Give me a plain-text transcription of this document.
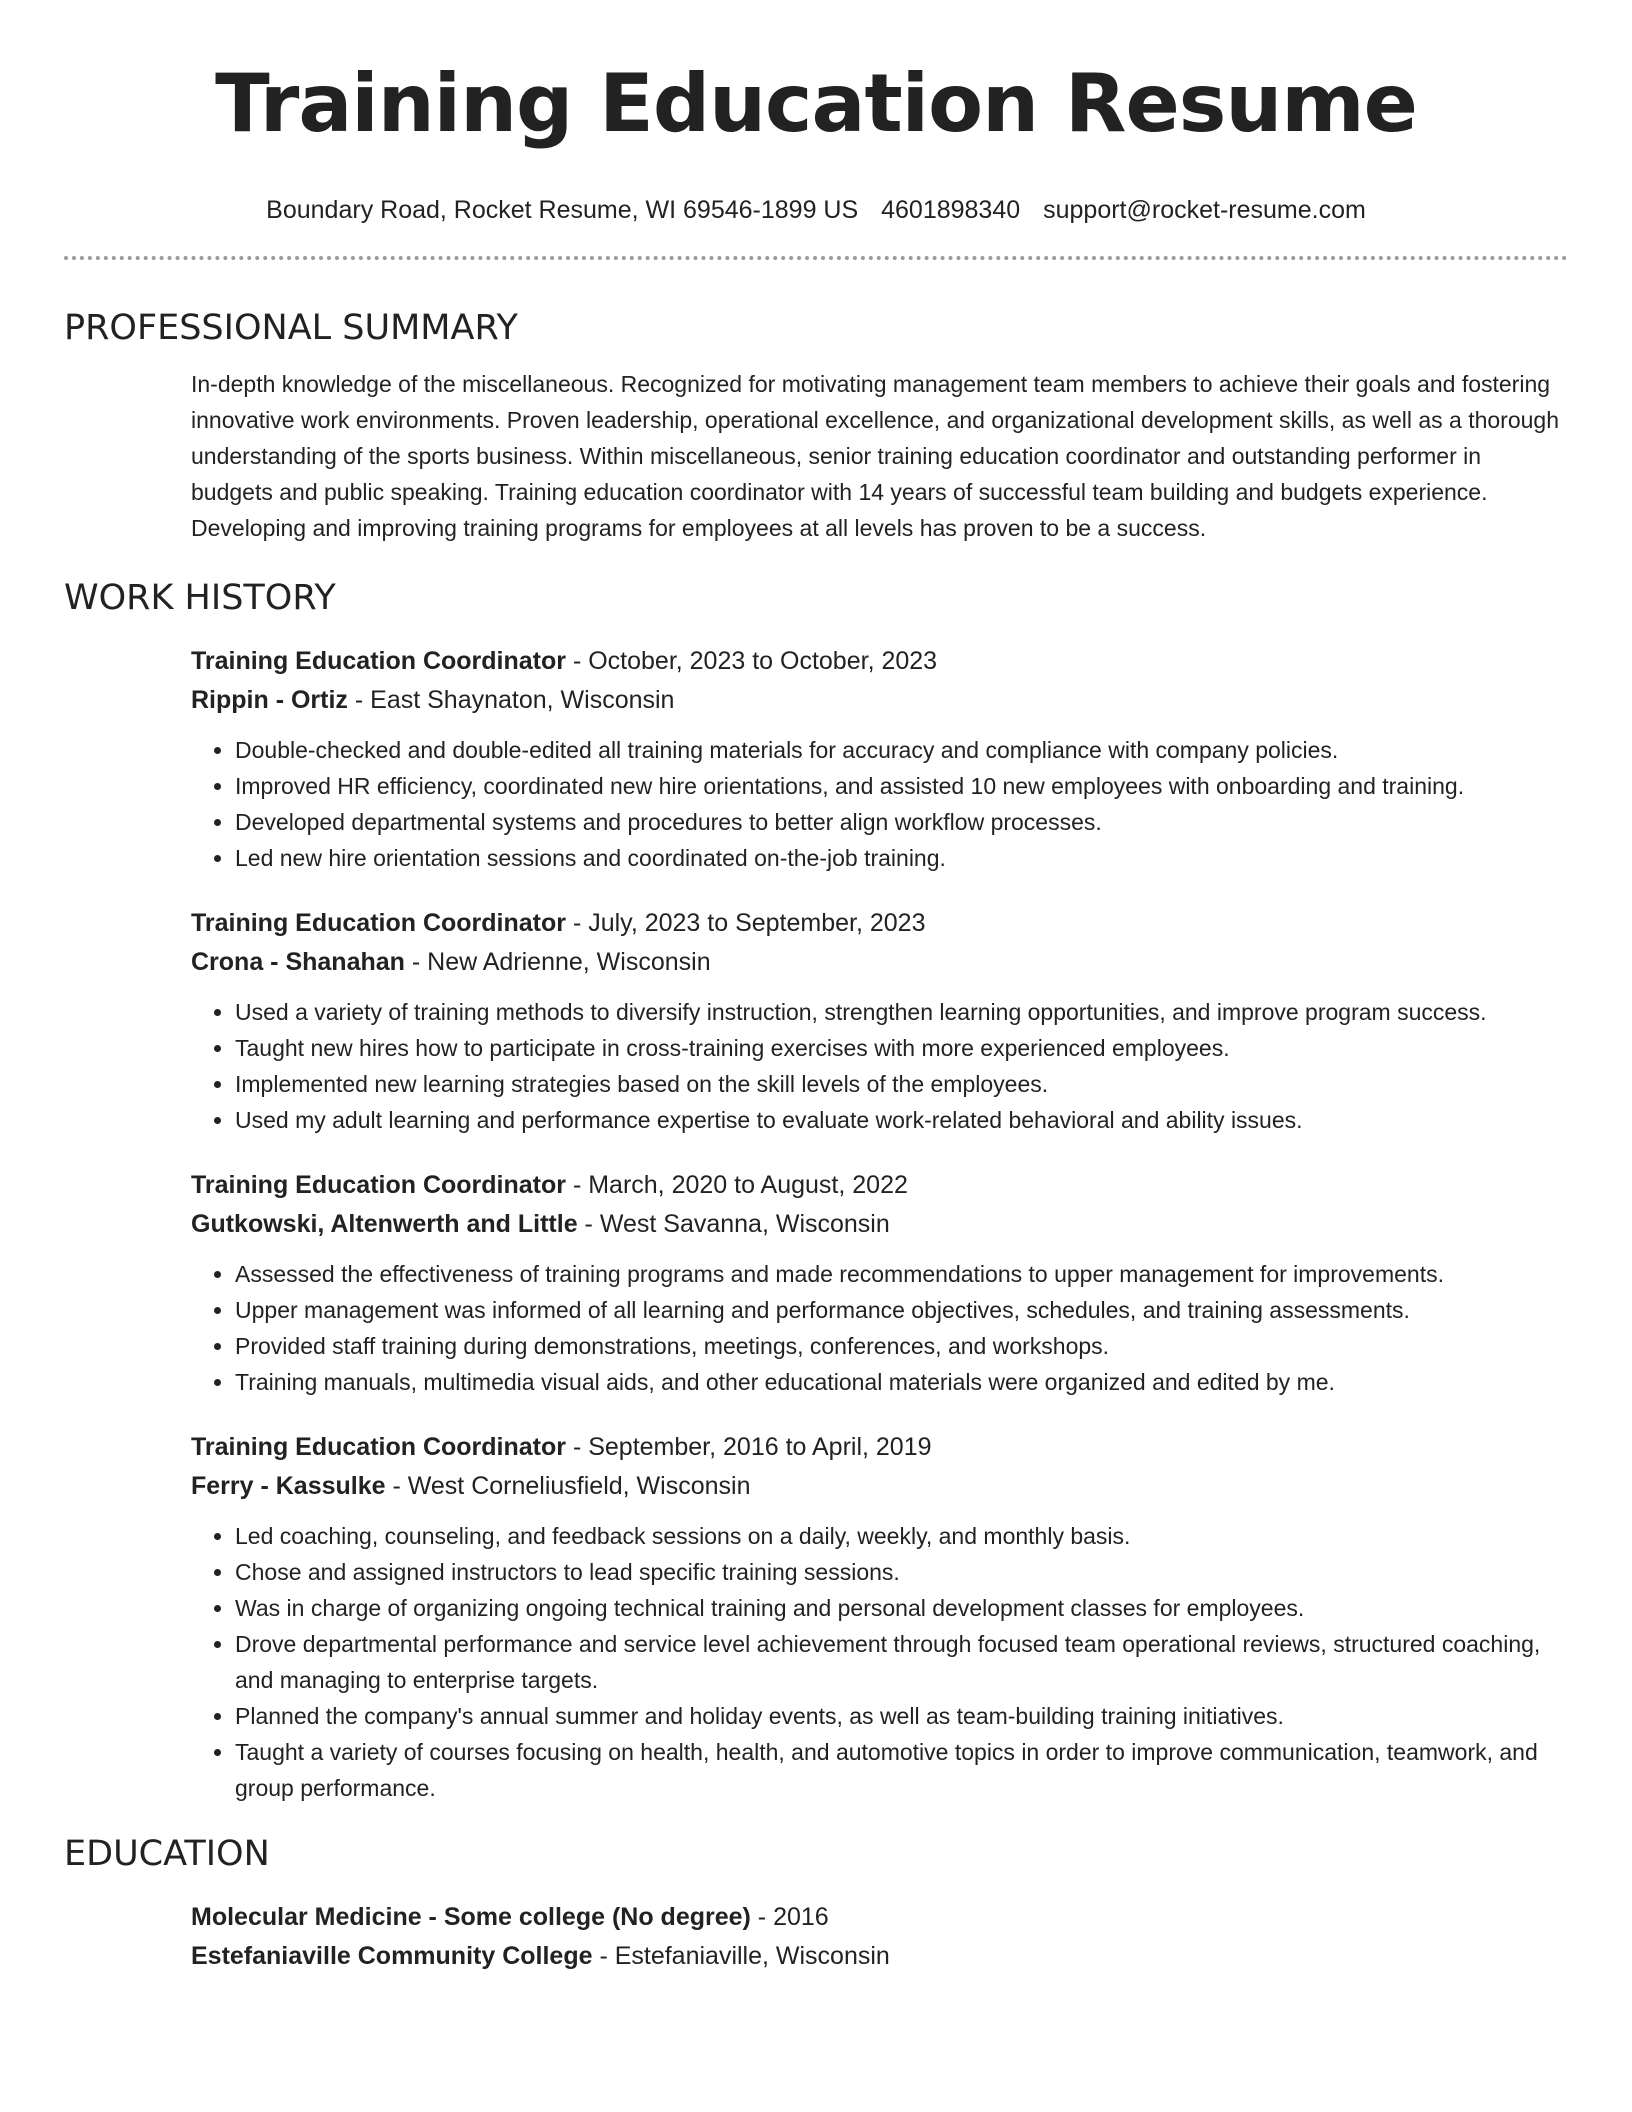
Training Education Resume
Boundary Road, Rocket Resume, WI 69546-1899 US 4601898340 support@rocket-resume.com
PROFESSIONAL SUMMARY
In-depth knowledge of the miscellaneous. Recognized for motivating management team members to achieve their goals and fostering innovative work environments. Proven leadership, operational excellence, and organizational development skills, as well as a thorough understanding of the sports business. Within miscellaneous, senior training education coordinator and outstanding performer in budgets and public speaking. Training education coordinator with 14 years of successful team building and budgets experience. Developing and improving training programs for employees at all levels has proven to be a success.
WORK HISTORY
Training Education Coordinator - October, 2023 to October, 2023
Rippin - Ortiz - East Shaynaton, Wisconsin
• Double-checked and double-edited all training materials for accuracy and compliance with company policies.
• Improved HR efficiency, coordinated new hire orientations, and assisted 10 new employees with onboarding and training.
• Developed departmental systems and procedures to better align workflow processes.
• Led new hire orientation sessions and coordinated on-the-job training.
Training Education Coordinator - July, 2023 to September, 2023
Crona - Shanahan - New Adrienne, Wisconsin
• Used a variety of training methods to diversify instruction, strengthen learning opportunities, and improve program success.
• Taught new hires how to participate in cross-training exercises with more experienced employees.
• Implemented new learning strategies based on the skill levels of the employees.
• Used my adult learning and performance expertise to evaluate work-related behavioral and ability issues.
Training Education Coordinator - March, 2020 to August, 2022
Gutkowski, Altenwerth and Little - West Savanna, Wisconsin
• Assessed the effectiveness of training programs and made recommendations to upper management for improvements.
• Upper management was informed of all learning and performance objectives, schedules, and training assessments.
• Provided staff training during demonstrations, meetings, conferences, and workshops.
• Training manuals, multimedia visual aids, and other educational materials were organized and edited by me.
Training Education Coordinator - September, 2016 to April, 2019
Ferry - Kassulke - West Corneliusfield, Wisconsin
• Led coaching, counseling, and feedback sessions on a daily, weekly, and monthly basis.
• Chose and assigned instructors to lead specific training sessions.
• Was in charge of organizing ongoing technical training and personal development classes for employees.
• Drove departmental performance and service level achievement through focused team operational reviews, structured coaching, and managing to enterprise targets.
• Planned the company's annual summer and holiday events, as well as team-building training initiatives.
• Taught a variety of courses focusing on health, health, and automotive topics in order to improve communication, teamwork, and group performance.
EDUCATION
Molecular Medicine - Some college (No degree) - 2016
Estefaniaville Community College - Estefaniaville, Wisconsin
